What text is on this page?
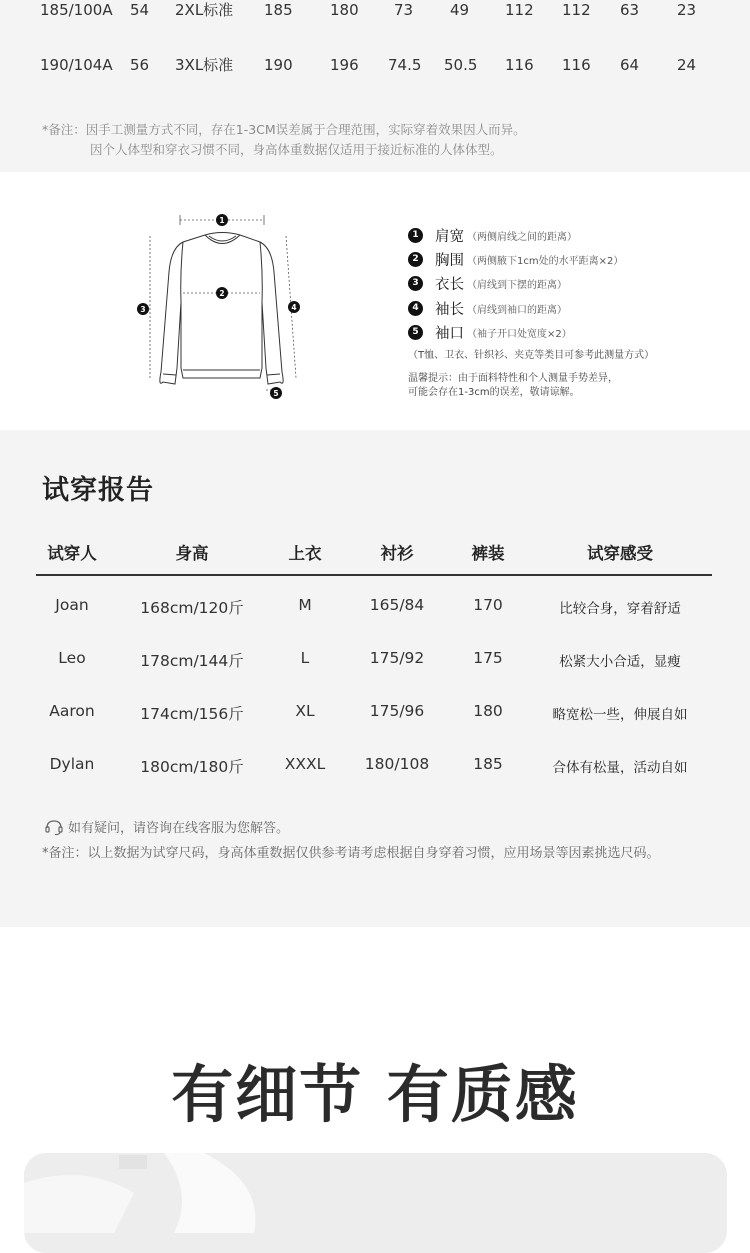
185/100A 54 2XL标准 185 180 73 49 112 112 63	23
190/104A 56 3XL标准 190 196 74.5 50.5 116 116 64	24
*备注：因手工测量方式不同，存在1-3CM误差属于合理范围，实际穿着效果因人而异。
因个人体型和穿衣习惯不同，身高体重数据仅适用于接近标准的人体体型。
1
2
3	4
5
1	肩宽 （两侧肩线之间的距离）
2	胸围 （两侧腋下1cm处的水平距离×2）
3	衣长 （肩线到下摆的距离）
4	袖长 （肩线到袖口的距离）
5	袖口 （袖子开口处宽度×2）
（T恤、卫衣、针织衫、夹克等类目可参考此测量方式）
温馨提示：由于面料特性和个人测量手势差异，
可能会存在1-3cm的误差，敬请谅解。
试穿报告
试穿人	身高	上衣	衬衫	裤装	试穿感受
Joan	168cm/120斤	M	165/84	170	比较合身，穿着舒适
Leo	178cm/144斤	L	175/92	175	松紧大小合适，显瘦
Aaron	174cm/156斤	XL	175/96	180	略宽松一些，伸展自如
Dylan	180cm/180斤	XXXL	180/108	185	合体有松量，活动自如
如有疑问，请咨询在线客服为您解答。
*备注：以上数据为试穿尺码，身高体重数据仅供参考请考虑根据自身穿着习惯，应用场景等因素挑选尺码。
有细节 有质感
